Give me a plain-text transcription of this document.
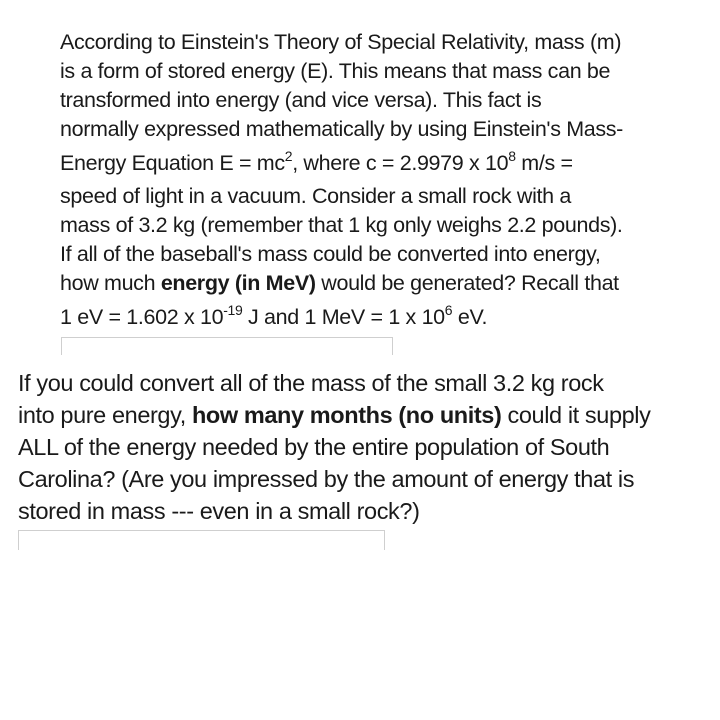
According to Einstein's Theory of Special Relativity, mass (m)
is a form of stored energy (E). This means that mass can be
transformed into energy (and vice versa). This fact is
normally expressed mathematically by using Einstein's Mass-
Energy Equation $E = mc^2$, where c = 2.9979 x $10^8$ m/s =
speed of light in a vacuum. Consider a small rock with a
mass of 3.2 kg (remember that 1 kg only weighs 2.2 pounds).
If all of the baseball's mass could be converted into energy,
how much energy (in MeV) would be generated? Recall that
1 eV = 1.602 x $10^{-19}$ J and 1 MeV = 1 x $10^6$ eV.

If you could convert all of the mass of the small 3.2 kg rock
into pure energy, how many months (no units) could it supply
ALL of the energy needed by the entire population of South
Carolina? (Are you impressed by the amount of energy that is
stored in mass --- even in a small rock?)
